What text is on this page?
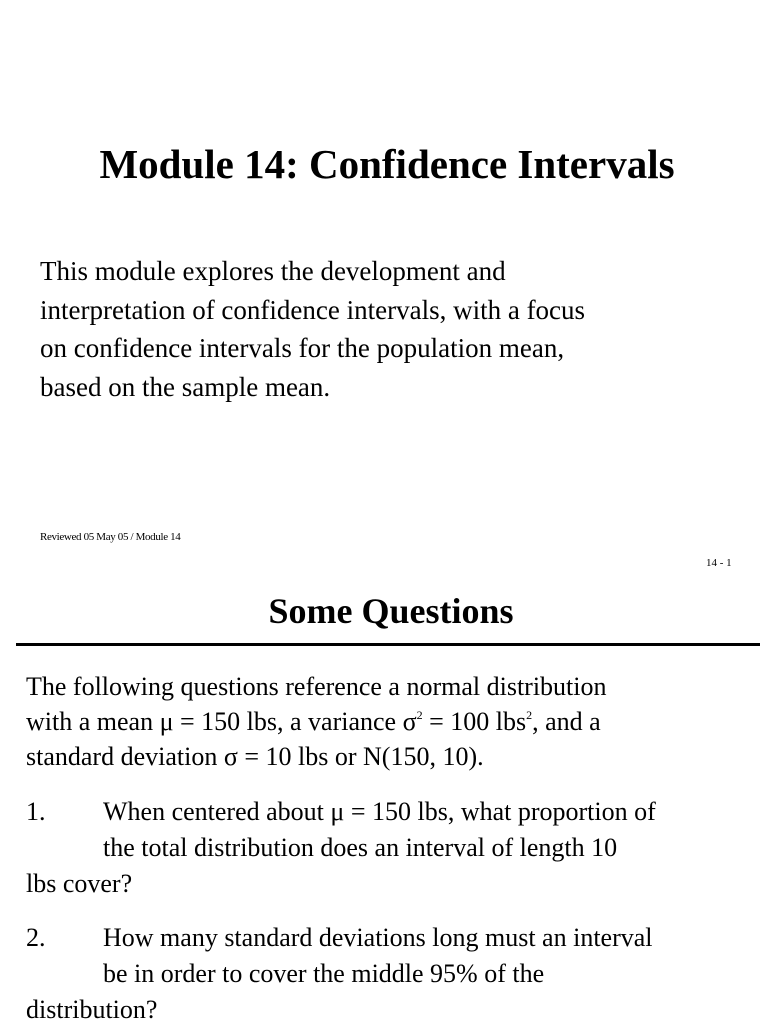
Module 14: Confidence Intervals
This module explores the development and
interpretation of confidence intervals, with a focus
on confidence intervals for the population mean,
based on the sample mean.
Reviewed 05 May 05 / Module 14
14 - 1
Some Questions
The following questions reference a normal distribution
with a mean μ = 150 lbs, a variance $\sigma^2 = 100$ lbs$^2$, and a
standard deviation σ = 10 lbs or N(150, 10).
1. When centered about μ = 150 lbs, what proportion of
the total distribution does an interval of length 10
lbs cover?
2. How many standard deviations long must an interval
be in order to cover the middle 95% of the
distribution?
